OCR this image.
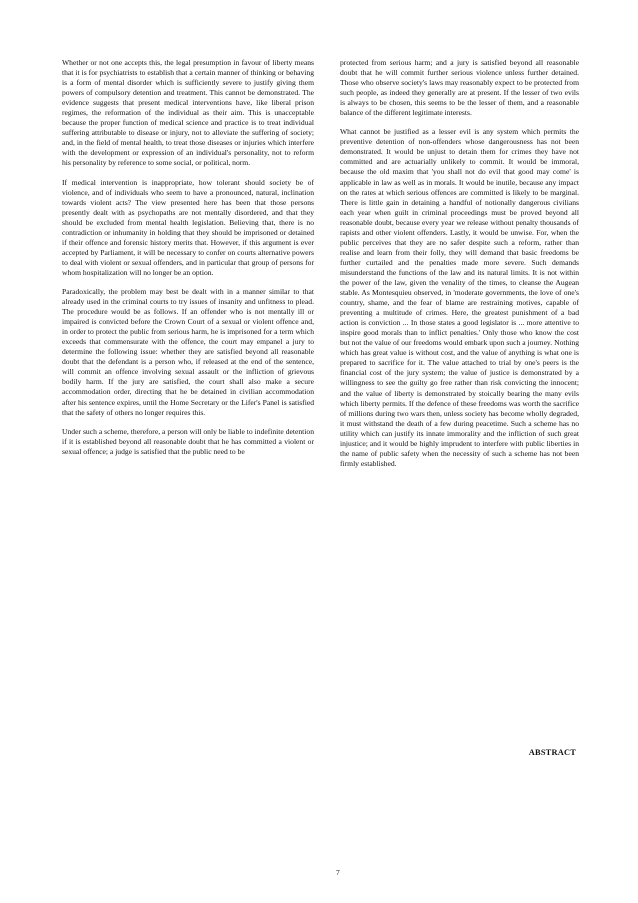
Whether or not one accepts this, the legal presumption in favour of liberty means that it is for psychiatrists to establish that a certain manner of thinking or behaving is a form of mental disorder which is sufficiently severe to justify giving them powers of compulsory detention and treatment. This cannot be demonstrated. The evidence suggests that present medical interventions have, like liberal prison regimes, the reformation of the individual as their aim. This is unacceptable because the proper function of medical science and practice is to treat individual suffering attributable to disease or injury, not to alleviate the suffering of society; and, in the field of mental health, to treat those diseases or injuries which interfere with the development or expression of an individual's personality, not to reform his personality by reference to some social, or political, norm.

If medical intervention is inappropriate, how tolerant should society be of violence, and of individuals who seem to have a pronounced, natural, inclination towards violent acts? The view presented here has been that those persons presently dealt with as psychopaths are not mentally disordered, and that they should be excluded from mental health legislation. Believing that, there is no contradiction or inhumanity in holding that they should be imprisoned or detained if their offence and forensic history merits that. However, if this argument is ever accepted by Parliament, it will be necessary to confer on courts alternative powers to deal with violent or sexual offenders, and in particular that group of persons for whom hospitalization will no longer be an option.

Paradoxically, the problem may best be dealt with in a manner similar to that already used in the criminal courts to try issues of insanity and unfitness to plead. The procedure would be as follows. If an offender who is not mentally ill or impaired is convicted before the Crown Court of a sexual or violent offence and, in order to protect the public from serious harm, he is imprisoned for a term which exceeds that commensurate with the offence, the court may empanel a jury to determine the following issue: whether they are satisfied beyond all reasonable doubt that the defendant is a person who, if released at the end of the sentence, will commit an offence involving sexual assault or the infliction of grievous bodily harm. If the jury are satisfied, the court shall also make a secure accommodation order, directing that he be detained in civilian accommodation after his sentence expires, until the Home Secretary or the Lifer's Panel is satisfied that the safety of others no longer requires this.

Under such a scheme, therefore, a person will only be liable to indefinite detention if it is established beyond all reasonable doubt that he has committed a violent or sexual offence; a judge is satisfied that the public need to be

protected from serious harm; and a jury is satisfied beyond all reasonable doubt that he will commit further serious violence unless further detained. Those who observe society's laws may reasonably expect to be protected from such people, as indeed they generally are at present. If the lesser of two evils is always to be chosen, this seems to be the lesser of them, and a reasonable balance of the different legitimate interests.

What cannot be justified as a lesser evil is any system which permits the preventive detention of non-offenders whose dangerousness has not been demonstrated. It would be unjust to detain them for crimes they have not committed and are actuarially unlikely to commit. It would be immoral, because the old maxim that 'you shall not do evil that good may come' is applicable in law as well as in morals. It would be inutile, because any impact on the rates at which serious offences are committed is likely to be marginal. There is little gain in detaining a handful of notionally dangerous civilians each year when guilt in criminal proceedings must be proved beyond all reasonable doubt, because every year we release without penalty thousands of rapists and other violent offenders. Lastly, it would be unwise. For, when the public perceives that they are no safer despite such a reform, rather than realise and learn from their folly, they will demand that basic freedoms be further curtailed and the penalties made more severe. Such demands misunderstand the functions of the law and its natural limits. It is not within the power of the law, given the venality of the times, to cleanse the Augean stable. As Montesquieu observed, in 'moderate governments, the love of one's country, shame, and the fear of blame are restraining motives, capable of preventing a multitude of crimes. Here, the greatest punishment of a bad action is conviction ... In those states a good legislator is ... more attentive to inspire good morals than to inflict penalties.' Only those who know the cost but not the value of our freedoms would embark upon such a journey. Nothing which has great value is without cost, and the value of anything is what one is prepared to sacrifice for it. The value attached to trial by one's peers is the financial cost of the jury system; the value of justice is demonstrated by a willingness to see the guilty go free rather than risk convicting the innocent; and the value of liberty is demonstrated by stoically bearing the many evils which liberty permits. If the defence of these freedoms was worth the sacrifice of millions during two wars then, unless society has become wholly degraded, it must withstand the death of a few during peacetime. Such a scheme has no utility which can justify its innate immorality and the infliction of such great injustice; and it would be highly imprudent to interfere with public liberties in the name of public safety when the necessity of such a scheme has not been firmly established.

ABSTRACT
7
